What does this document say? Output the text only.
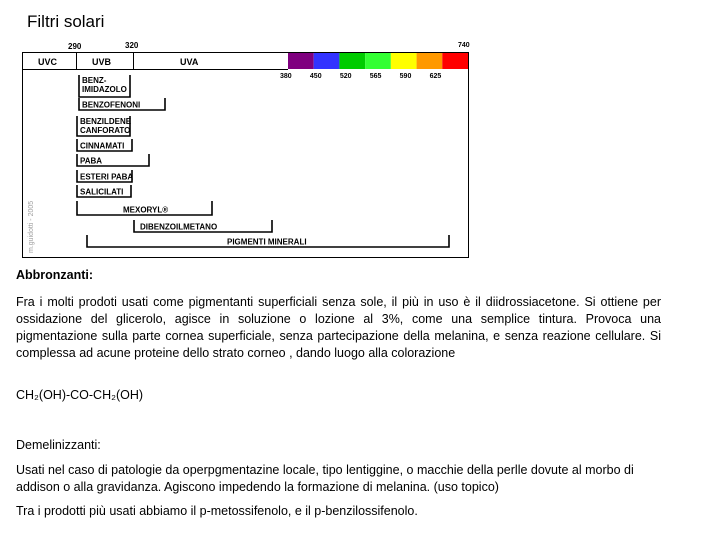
Filtri solari
290	320	740
UVC	UVB	UVA
380	450	520	565	590	625
BENZ-
IMIDAZOLO
BENZOFENONI
BENZILDENE
CANFORATO
CINNAMATI
PABA
ESTERI PABA
SALICILATI
MEXORYL®
DIBENZOILMETANO
PIGMENTI MINERALI
m.guidotti - 2005
Abbronzanti:

Fra i molti prodoti usati come pigmentanti superficiali senza sole, il più in uso è il diidrossiacetone. Si ottiene per ossidazione del glicerolo, agisce in soluzione o lozione al 3%, come una semplice tintura. Provoca una pigmentazione sulla parte cornea superficiale, senza partecipazione della melanina, e senza reazione cellulare. Si complessa ad acune proteine dello strato corneo , dando luogo alla colorazione

CH₂(OH)-CO-CH₂(OH)
Demelinizzanti:

Usati nel caso di patologie da operpgmentazine locale, tipo lentiggine, o macchie della perlle dovute al morbo di addison o alla gravidanza. Agiscono impedendo la formazione di melanina. (uso topico)

Tra i prodotti più usati abbiamo il p-metossifenolo, e il p-benzilossifenolo.
